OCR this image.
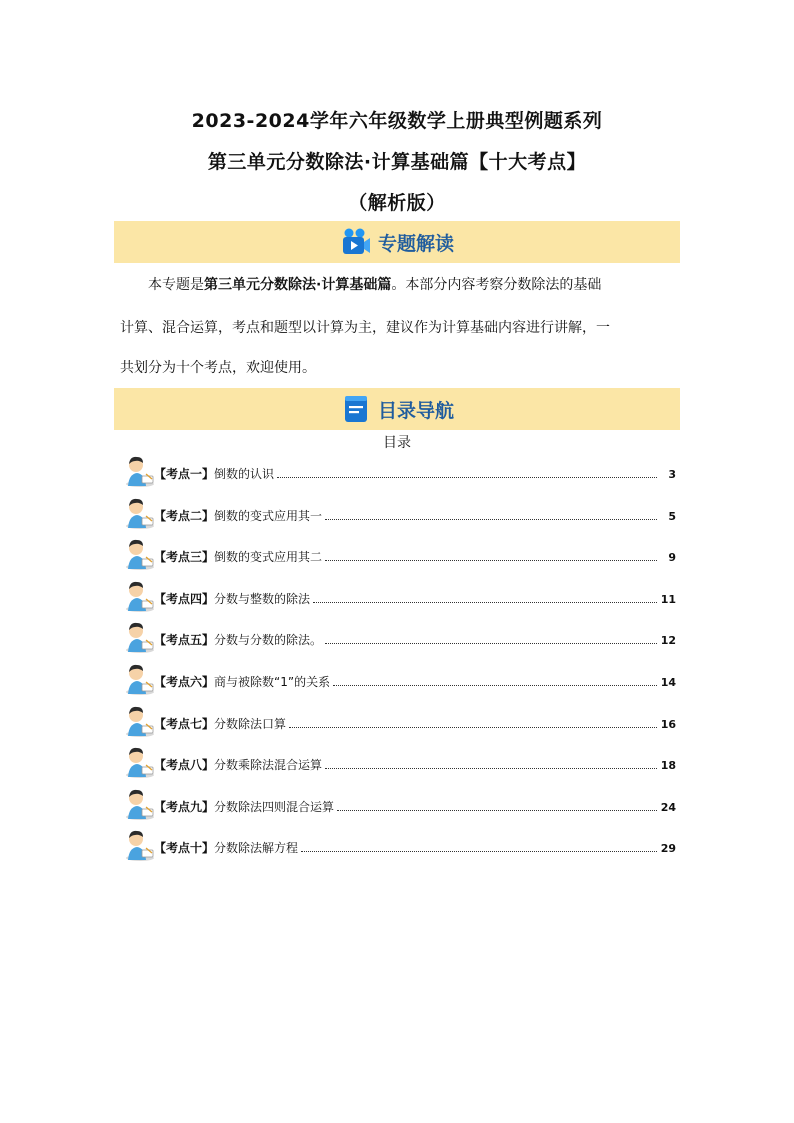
2023-2024学年六年级数学上册典型例题系列
第三单元分数除法·计算基础篇【十大考点】
（解析版）
专题解读
本专题是第三单元分数除法·计算基础篇。本部分内容考察分数除法的基础
计算、混合运算，考点和题型以计算为主，建议作为计算基础内容进行讲解，一
共划分为十个考点，欢迎使用。
目录导航
目录
【考点一】倒数的认识	3
【考点二】倒数的变式应用其一	5
【考点三】倒数的变式应用其二	9
【考点四】分数与整数的除法	11
【考点五】分数与分数的除法。	12
【考点六】商与被除数“1”的关系	14
【考点七】分数除法口算	16
【考点八】分数乘除法混合运算	18
【考点九】分数除法四则混合运算	24
【考点十】分数除法解方程	29
